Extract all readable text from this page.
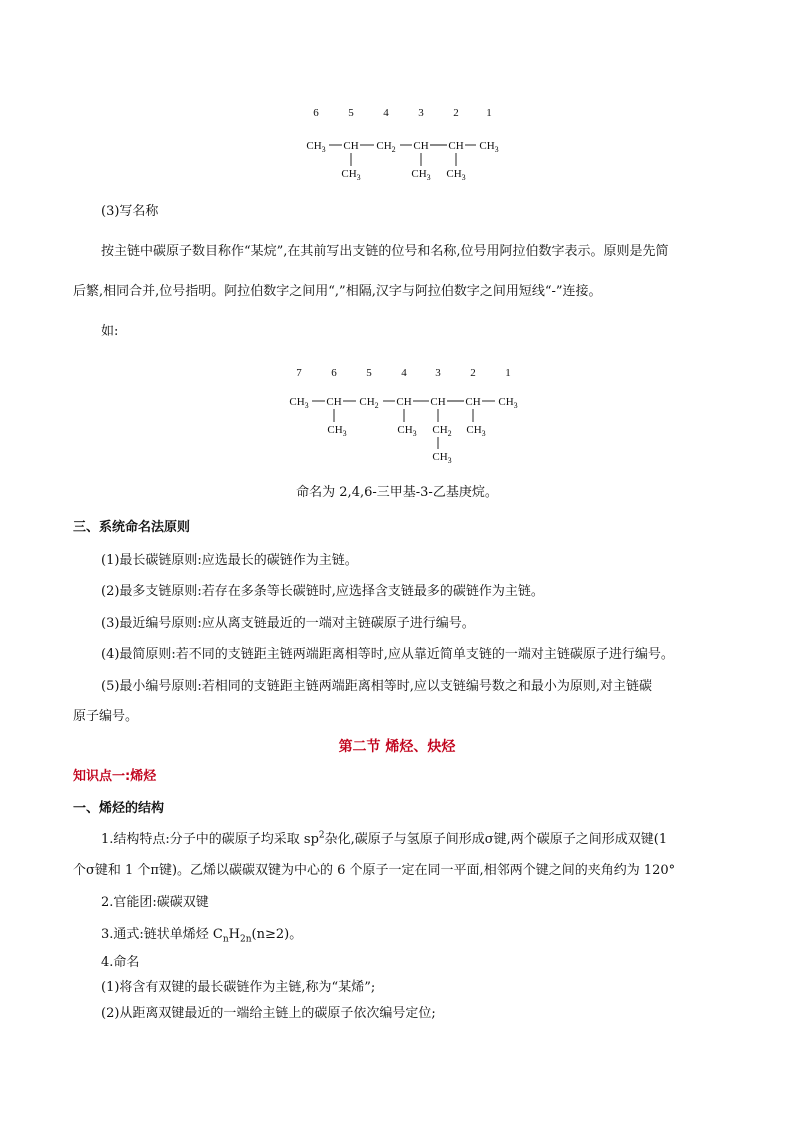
6	5	4	3	2	1
$CH_3$ CH $CH_2$ CH CH $CH_3$
$CH_3$	$CH_3$ $CH_3$
(3)写名称
按主链中碳原子数目称作“某烷”,在其前写出支链的位号和名称,位号用阿拉伯数字表示。原则是先简
后繁,相同合并,位号指明。阿拉伯数字之间用“,”相隔,汉字与阿拉伯数字之间用短线“-”连接。
如:
7	6	5	4	3	2	1
$CH_3$ CH $CH_2$ CH CH CH $CH_3$
$CH_3$	$CH_3$ $CH_2$
$CH_3$
$CH_3$
命名为 2,4,6-三甲基-3-乙基庚烷。
三、系统命名法原则
(1)最长碳链原则:应选最长的碳链作为主链。
(2)最多支链原则:若存在多条等长碳链时,应选择含支链最多的碳链作为主链。
(3)最近编号原则:应从离支链最近的一端对主链碳原子进行编号。
(4)最简原则:若不同的支链距主链两端距离相等时,应从靠近简单支链的一端对主链碳原子进行编号。
(5)最小编号原则:若相同的支链距主链两端距离相等时,应以支链编号数之和最小为原则,对主链碳
原子编号。
第二节 烯烃、炔烃
知识点一:烯烃
一、烯烃的结构
1.结构特点:分子中的碳原子均采取 $sp^2$杂化,碳原子与氢原子间形成σ键,两个碳原子之间形成双键(1
个σ键和 1 个π键)。乙烯以碳碳双键为中心的 6 个原子一定在同一平面,相邻两个键之间的夹角约为 120°
2.官能团:碳碳双键
3.通式:链状单烯烃 $C_nH_{2n}(n\ge 2)$。
4.命名
(1)将含有双键的最长碳链作为主链,称为“某烯”;
(2)从距离双键最近的一端给主链上的碳原子依次编号定位;
